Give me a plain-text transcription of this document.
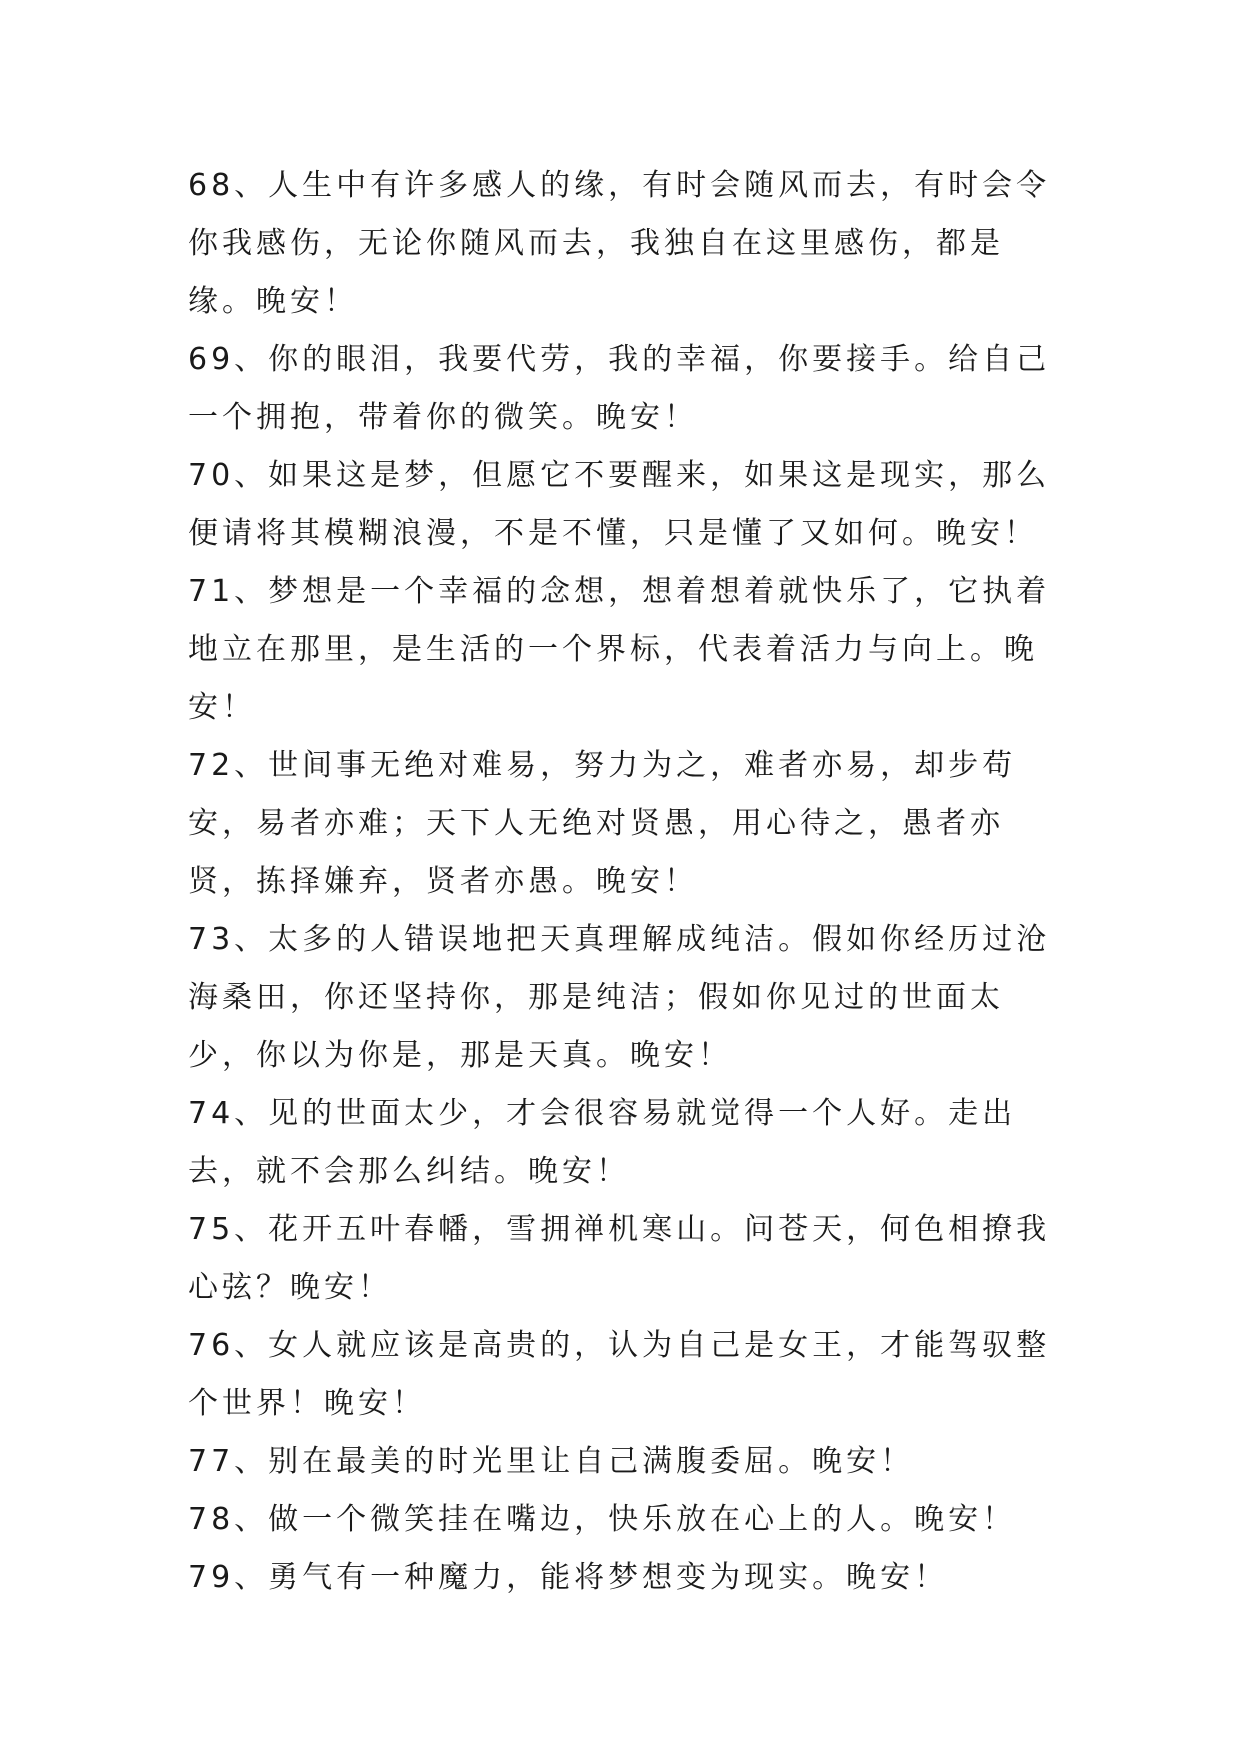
68、人生中有许多感人的缘，有时会随风而去，有时会令你我感伤，无论你随风而去，我独自在这里感伤，都是缘。晚安！

69、你的眼泪，我要代劳，我的幸福，你要接手。给自己一个拥抱，带着你的微笑。晚安！

70、如果这是梦，但愿它不要醒来，如果这是现实，那么便请将其模糊浪漫，不是不懂，只是懂了又如何。晚安！

71、梦想是一个幸福的念想，想着想着就快乐了，它执着地立在那里，是生活的一个界标，代表着活力与向上。晚安！

72、世间事无绝对难易，努力为之，难者亦易，却步苟安，易者亦难；天下人无绝对贤愚，用心待之，愚者亦贤，拣择嫌弃，贤者亦愚。晚安！

73、太多的人错误地把天真理解成纯洁。假如你经历过沧海桑田，你还坚持你，那是纯洁；假如你见过的世面太少，你以为你是，那是天真。晚安！

74、见的世面太少，才会很容易就觉得一个人好。走出去，就不会那么纠结。晚安！

75、花开五叶春幡，雪拥禅机寒山。问苍天，何色相撩我心弦？晚安！

76、女人就应该是高贵的，认为自己是女王，才能驾驭整个世界！晚安！

77、别在最美的时光里让自己满腹委屈。晚安！

78、做一个微笑挂在嘴边，快乐放在心上的人。晚安！

79、勇气有一种魔力，能将梦想变为现实。晚安！
